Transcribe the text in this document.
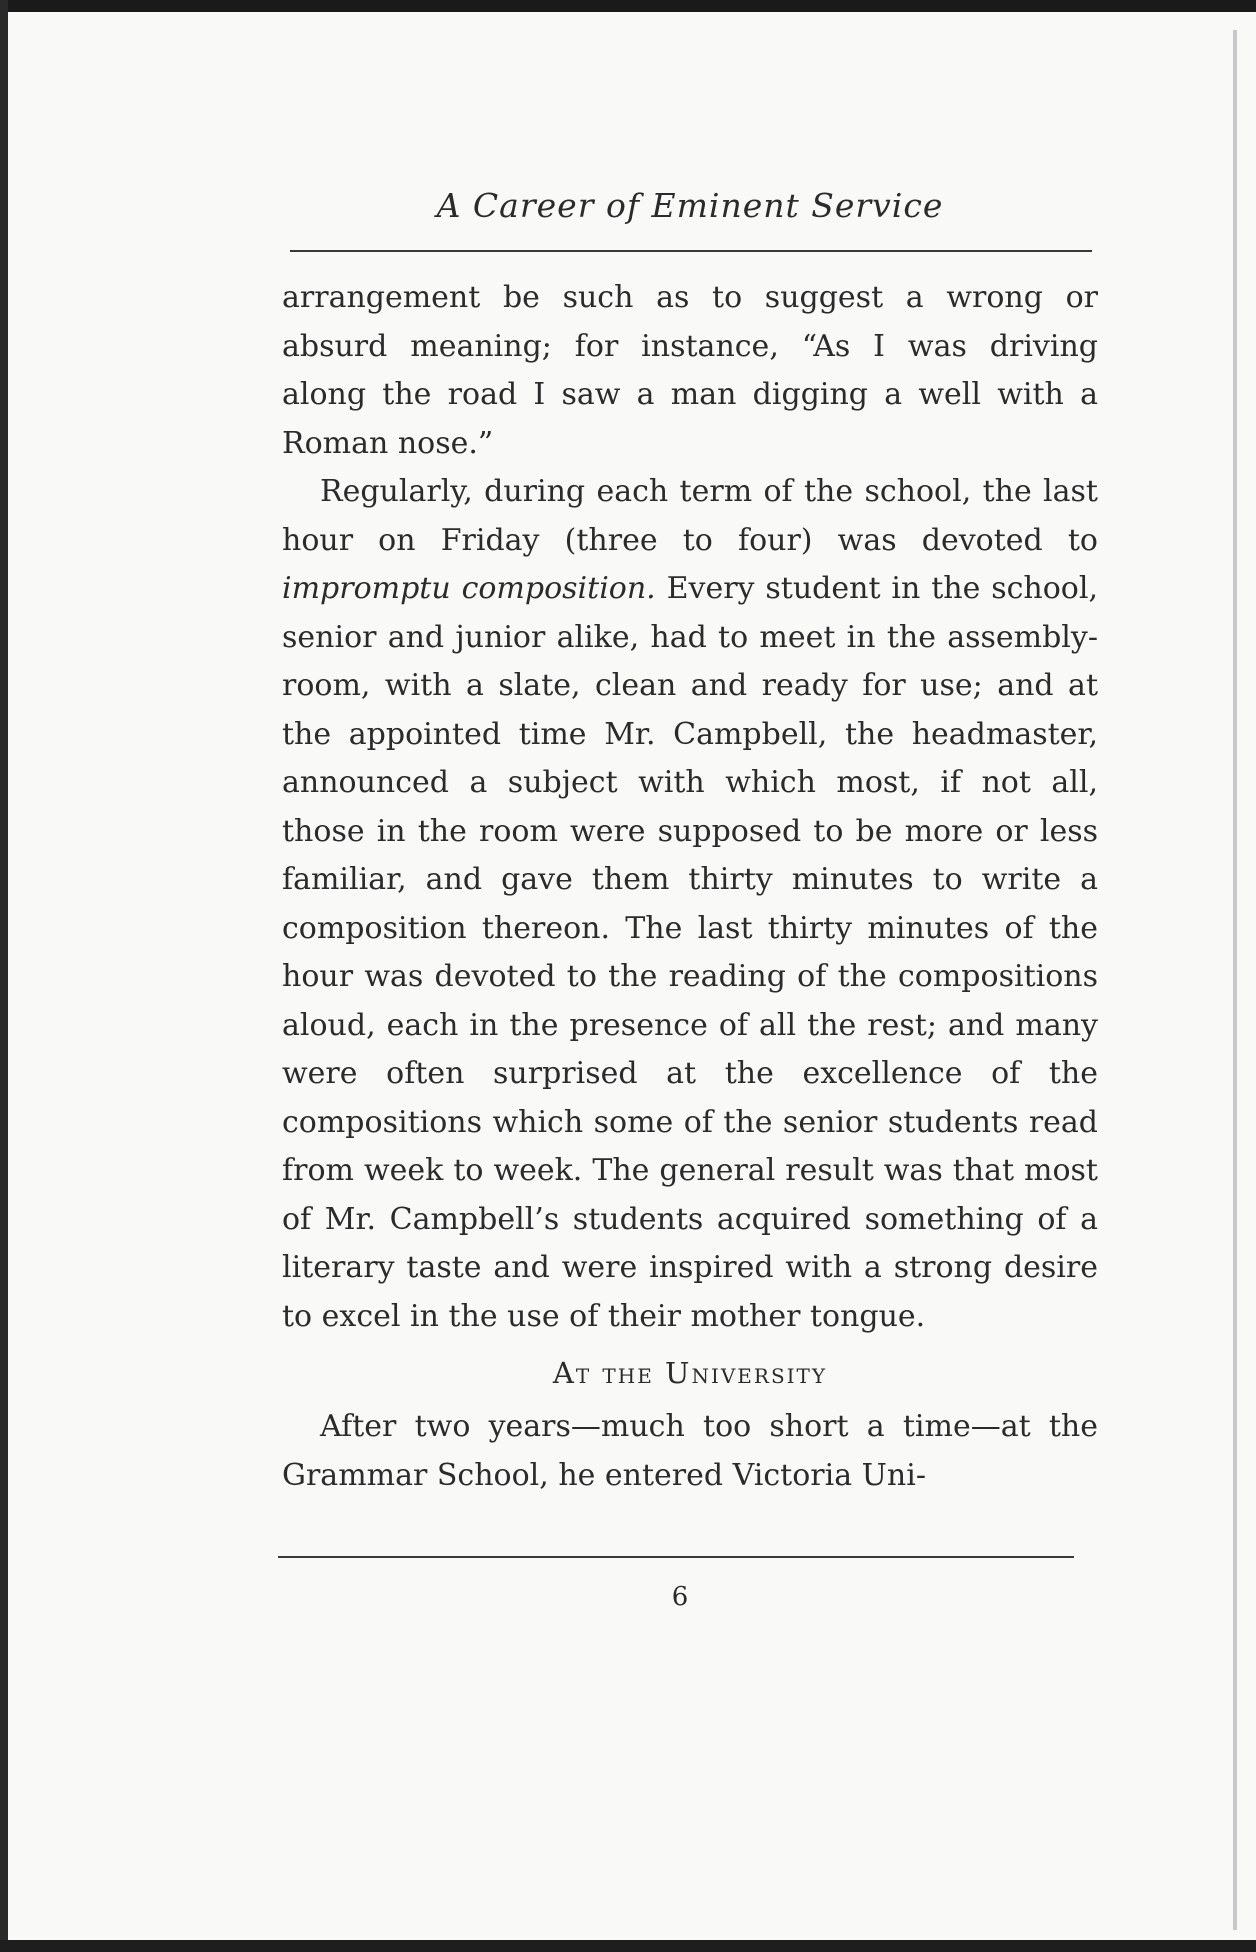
A Career of Eminent Service

arrangement be such as to suggest a wrong or absurd meaning; for instance, “As I was driving along the road I saw a man digging a well with a Roman nose.”

Regularly, during each term of the school, the last hour on Friday (three to four) was devoted to impromptu composition. Every student in the school, senior and junior alike, had to meet in the assembly-room, with a slate, clean and ready for use; and at the appointed time Mr. Campbell, the headmaster, announced a subject with which most, if not all, those in the room were supposed to be more or less familiar, and gave them thirty minutes to write a composition thereon. The last thirty minutes of the hour was devoted to the reading of the compositions aloud, each in the presence of all the rest; and many were often surprised at the excellence of the compositions which some of the senior students read from week to week. The general result was that most of Mr. Campbell’s students acquired something of a literary taste and were inspired with a strong desire to excel in the use of their mother tongue.

At the University

After two years—much too short a time—at the Grammar School, he entered Victoria Uni-

6
